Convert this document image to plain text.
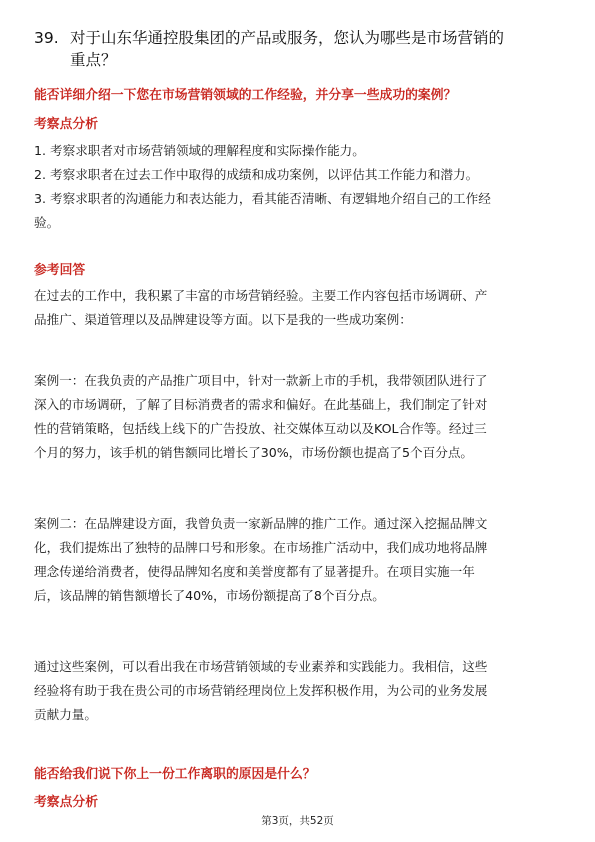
39. 对于山东华通控股集团的产品或服务，您认为哪些是市场营销的
重点？
能否详细介绍一下您在市场营销领域的工作经验，并分享一些成功的案例？
考察点分析
1. 考察求职者对市场营销领域的理解程度和实际操作能力。
2. 考察求职者在过去工作中取得的成绩和成功案例，以评估其工作能力和潜力。
3. 考察求职者的沟通能力和表达能力，看其能否清晰、有逻辑地介绍自己的工作经
验。
参考回答
在过去的工作中，我积累了丰富的市场营销经验。主要工作内容包括市场调研、产
品推广、渠道管理以及品牌建设等方面。以下是我的一些成功案例：
案例一：在我负责的产品推广项目中，针对一款新上市的手机，我带领团队进行了
深入的市场调研，了解了目标消费者的需求和偏好。在此基础上，我们制定了针对
性的营销策略，包括线上线下的广告投放、社交媒体互动以及KOL合作等。经过三
个月的努力，该手机的销售额同比增长了30%，市场份额也提高了5个百分点。
案例二：在品牌建设方面，我曾负责一家新品牌的推广工作。通过深入挖掘品牌文
化，我们提炼出了独特的品牌口号和形象。在市场推广活动中，我们成功地将品牌
理念传递给消费者，使得品牌知名度和美誉度都有了显著提升。在项目实施一年
后，该品牌的销售额增长了40%，市场份额提高了8个百分点。
通过这些案例，可以看出我在市场营销领域的专业素养和实践能力。我相信，这些
经验将有助于我在贵公司的市场营销经理岗位上发挥积极作用，为公司的业务发展
贡献力量。
能否给我们说下你上一份工作离职的原因是什么？
考察点分析
第3页，共52页
